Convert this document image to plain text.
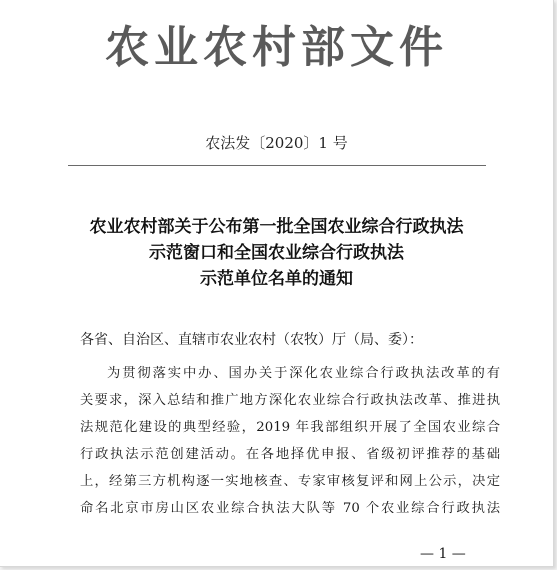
农业农村部文件
农法发〔2020〕1 号
农业农村部关于公布第一批全国农业综合行政执法
示范窗口和全国农业综合行政执法
示范单位名单的通知
各省、自治区、直辖市农业农村（农牧）厅（局、委）：
为贯彻落实中办、国办关于深化农业综合行政执法改革的有
关要求，深入总结和推广地方深化农业综合行政执法改革、推进执
法规范化建设的典型经验，2019 年我部组织开展了全国农业综合
行政执法示范创建活动。在各地择优申报、省级初评推荐的基础
上，经第三方机构逐一实地核查、专家审核复评和网上公示，决定
命名北京市房山区农业综合执法大队等 70 个农业综合行政执法
— 1 —
